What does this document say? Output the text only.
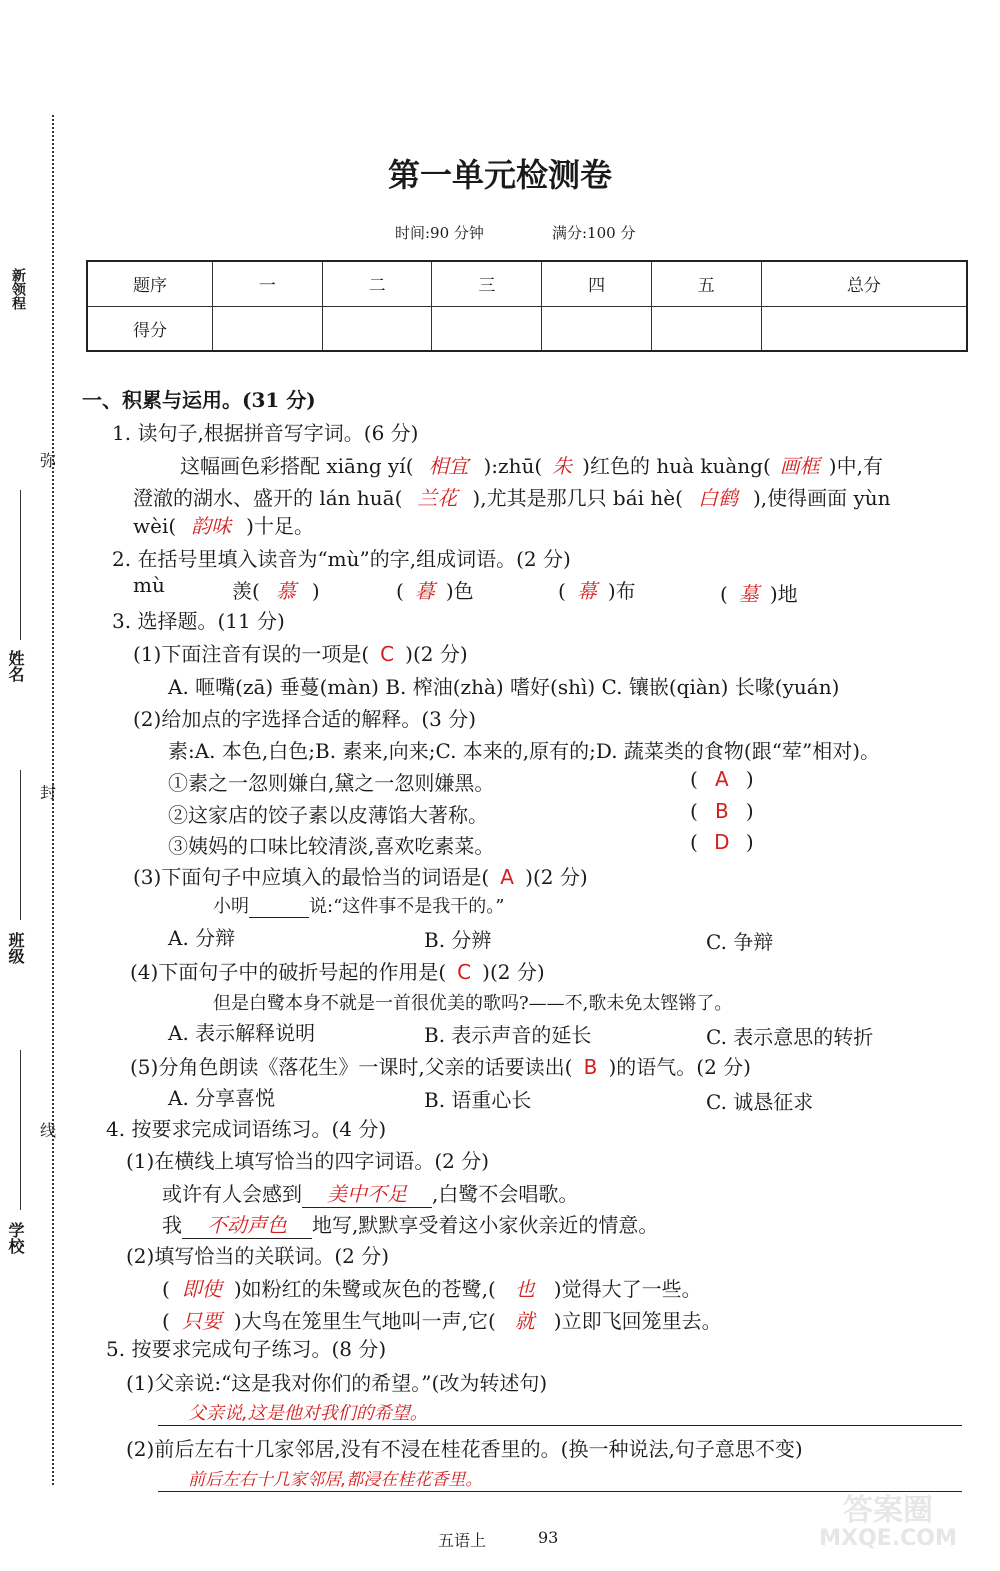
新领程
弥
封
线
姓名
班级
学校
第一单元检测卷
时间:90 分钟	满分:100 分
题序	一	二	三	四	五	总分
得分						
一、积累与运用。(31 分)
1. 读句子,根据拼音写字词。(6 分)
这幅画色彩搭配 xiāng yí( 相宜 ):zhū( 朱 )红色的 huà kuàng( 画框 )中,有
澄澈的湖水、盛开的 lán huā( 兰花 ),尤其是那几只 bái hè( 白鹤 ),使得画面 yùn
wèi( 韵味 )十足。
2. 在括号里填入读音为“mù”的字,组成词语。(2 分)
mù	羡( 慕 )	( 暮 )色	( 幕 )布	( 墓 )地
3. 选择题。(11 分)
(1)下面注音有误的一项是( C )(2 分)
A. 咂嘴(zā) 垂蔓(màn) B. 榨油(zhà) 嗜好(shì) C. 镶嵌(qiàn) 长喙(yuán)
(2)给加点的字选择合适的解释。(3 分)
素:A. 本色,白色;B. 素来,向来;C. 本来的,原有的;D. 蔬菜类的食物(跟“荤”相对)。
①素之一忽则嫌白,黛之一忽则嫌黑。	( A )
②这家店的饺子素以皮薄馅大著称。	( B )
③姨妈的口味比较清淡,喜欢吃素菜。	( D )
(3)下面句子中应填入的最恰当的词语是( A )(2 分)
小明	说:“这件事不是我干的。”
A. 分辩	B. 分辨	C. 争辩
(4)下面句子中的破折号起的作用是( C )(2 分)
但是白鹭本身不就是一首很优美的歌吗?——不,歌未免太铿锵了。
A. 表示解释说明	B. 表示声音的延长	C. 表示意思的转折
(5)分角色朗读《落花生》一课时,父亲的话要读出( B )的语气。(2 分)
A. 分享喜悦	B. 语重心长	C. 诚恳征求
4. 按要求完成词语练习。(4 分)
(1)在横线上填写恰当的四字词语。(2 分)
或许有人会感到 美中不足 ,白鹭不会唱歌。
我 不动声色 地写,默默享受着这小家伙亲近的情意。
(2)填写恰当的关联词。(2 分)
( 即使 )如粉红的朱鹭或灰色的苍鹭,( 也 )觉得大了一些。
( 只要 )大鸟在笼里生气地叫一声,它( 就 )立即飞回笼里去。
5. 按要求完成句子练习。(8 分)
(1)父亲说:“这是我对你们的希望。”(改为转述句)
父亲说,这是他对我们的希望。
(2)前后左右十几家邻居,没有不浸在桂花香里的。(换一种说法,句子意思不变)
前后左右十几家邻居,都浸在桂花香里。
五语上	93
答案圈
MXQE.COM
